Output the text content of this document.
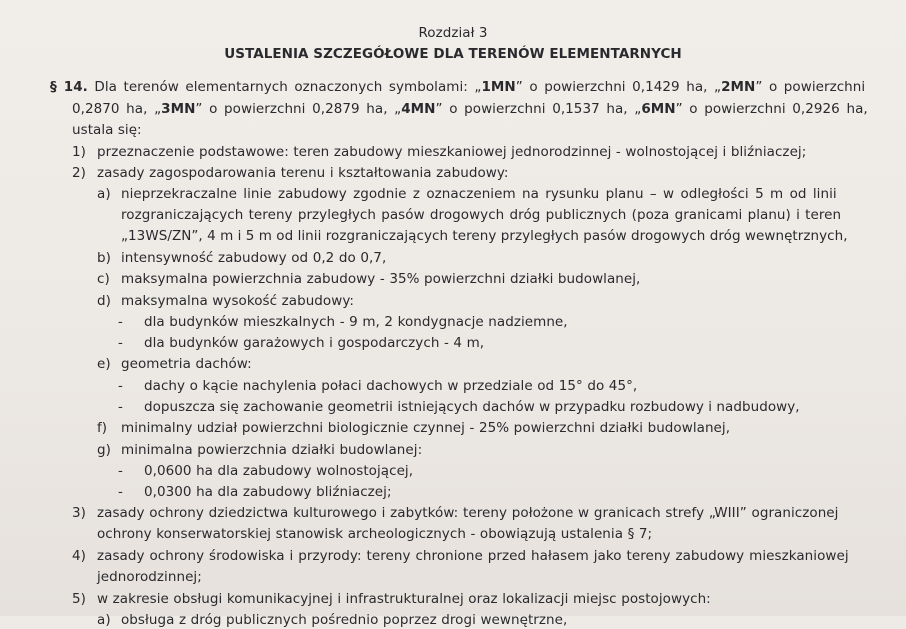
Rozdział 3
USTALENIA SZCZEGÓŁOWE DLA TERENÓW ELEMENTARNYCH
§ 14. Dla terenów elementarnych oznaczonych symbolami: „1MN” o powierzchni 0,1429 ha, „2MN” o powierzchni
0,2870 ha, „3MN” o powierzchni 0,2879 ha, „4MN” o powierzchni 0,1537 ha, „6MN” o powierzchni 0,2926 ha,
ustala się:
1) przeznaczenie podstawowe: teren zabudowy mieszkaniowej jednorodzinnej - wolnostojącej i bliźniaczej;
2) zasady zagospodarowania terenu i kształtowania zabudowy:
a) nieprzekraczalne linie zabudowy zgodnie z oznaczeniem na rysunku planu – w odległości 5 m od linii
rozgraniczających tereny przyległych pasów drogowych dróg publicznych (poza granicami planu) i teren
„13WS/ZN”, 4 m i 5 m od linii rozgraniczających tereny przyległych pasów drogowych dróg wewnętrznych,
b) intensywność zabudowy od 0,2 do 0,7,
c) maksymalna powierzchnia zabudowy - 35% powierzchni działki budowlanej,
d) maksymalna wysokość zabudowy:
- dla budynków mieszkalnych - 9 m, 2 kondygnacje nadziemne,
- dla budynków garażowych i gospodarczych - 4 m,
e) geometria dachów:
- dachy o kącie nachylenia połaci dachowych w przedziale od 15° do 45°,
- dopuszcza się zachowanie geometrii istniejących dachów w przypadku rozbudowy i nadbudowy,
f) minimalny udział powierzchni biologicznie czynnej - 25% powierzchni działki budowlanej,
g) minimalna powierzchnia działki budowlanej:
- 0,0600 ha dla zabudowy wolnostojącej,
- 0,0300 ha dla zabudowy bliźniaczej;
3) zasady ochrony dziedzictwa kulturowego i zabytków: tereny położone w granicach strefy „WIII” ograniczonej
ochrony konserwatorskiej stanowisk archeologicznych - obowiązują ustalenia § 7;
4) zasady ochrony środowiska i przyrody: tereny chronione przed hałasem jako tereny zabudowy mieszkaniowej
jednorodzinnej;
5) w zakresie obsługi komunikacyjnej i infrastrukturalnej oraz lokalizacji miejsc postojowych:
a) obsługa z dróg publicznych pośrednio poprzez drogi wewnętrzne,
